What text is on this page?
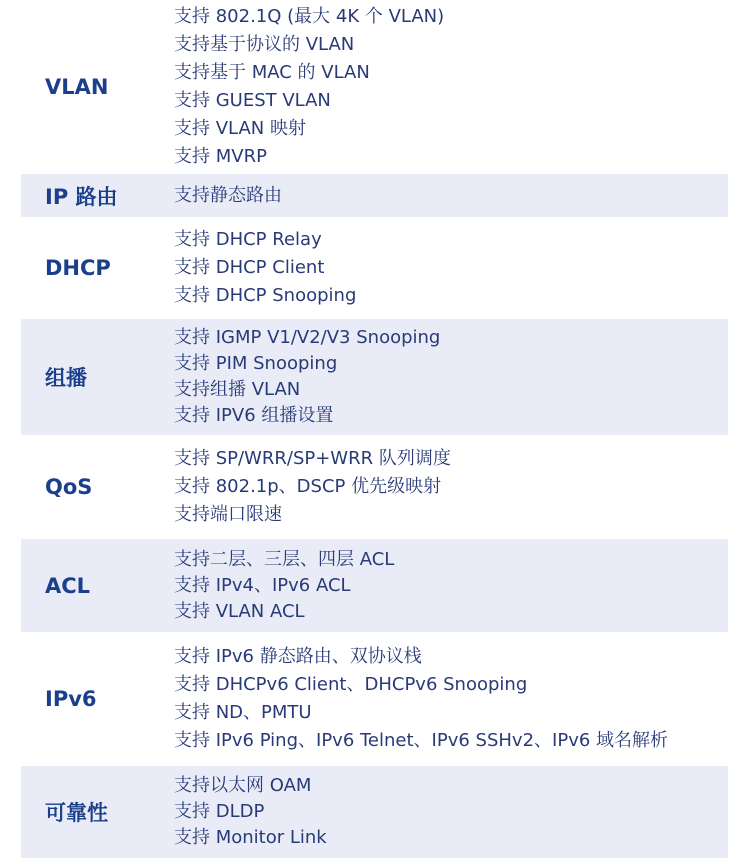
VLAN
支持 802.1Q (最大 4K 个 VLAN)
支持基于协议的 VLAN
支持基于 MAC 的 VLAN
支持 GUEST VLAN
支持 VLAN 映射
支持 MVRP
IP 路由	支持静态路由
DHCP
支持 DHCP Relay
支持 DHCP Client
支持 DHCP Snooping
组播
支持 IGMP V1/V2/V3 Snooping
支持 PIM Snooping
支持组播 VLAN
支持 IPV6 组播设置
QoS
支持 SP/WRR/SP+WRR 队列调度
支持 802.1p、DSCP 优先级映射
支持端口限速
ACL
支持二层、三层、四层 ACL
支持 IPv4、IPv6 ACL
支持 VLAN ACL
IPv6
支持 IPv6 静态路由、双协议栈
支持 DHCPv6 Client、DHCPv6 Snooping
支持 ND、PMTU
支持 IPv6 Ping、IPv6 Telnet、IPv6 SSHv2、IPv6 域名解析
可靠性
支持以太网 OAM
支持 DLDP
支持 Monitor Link
